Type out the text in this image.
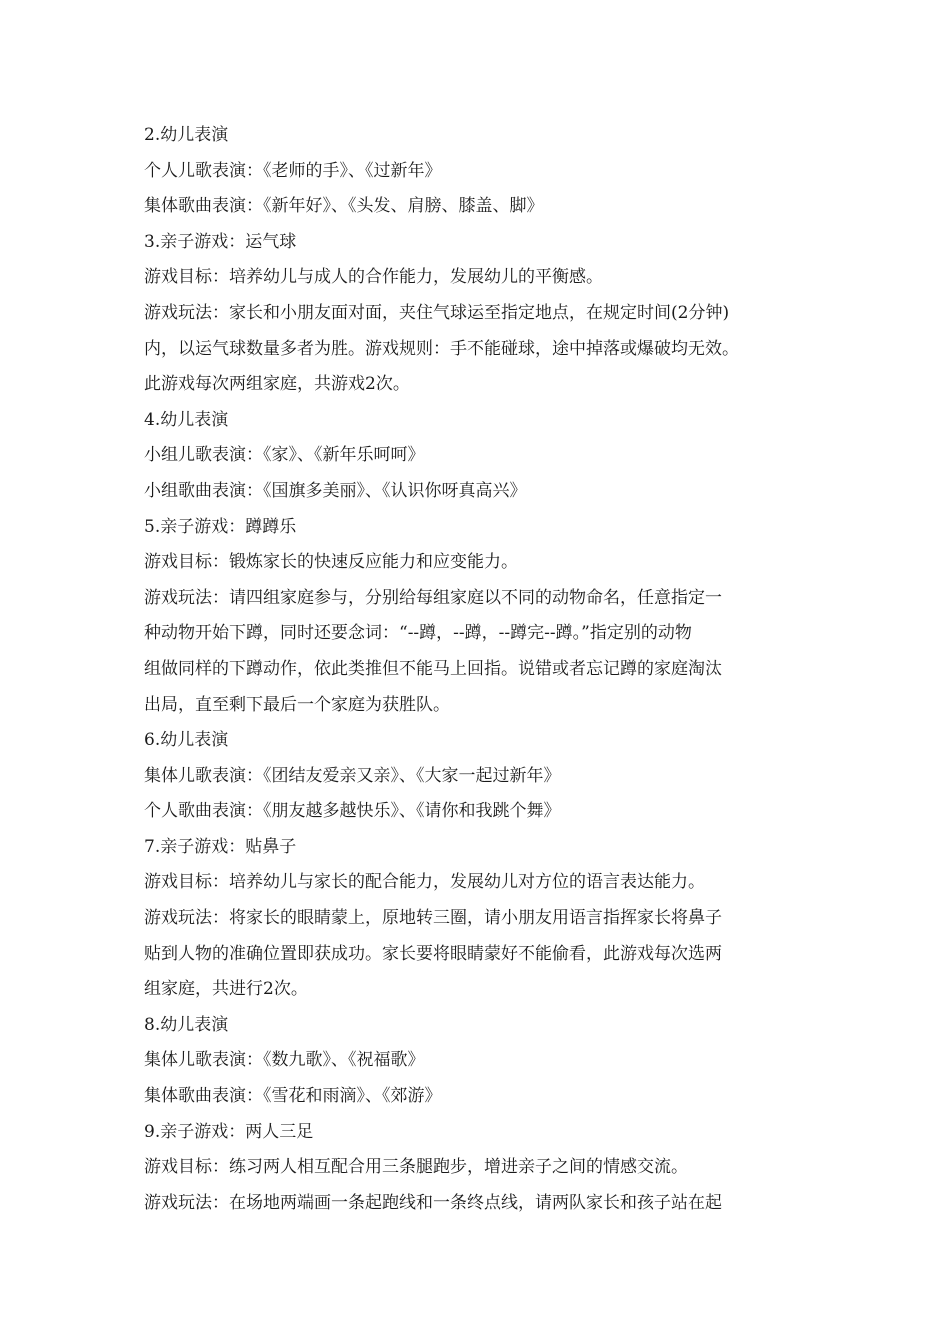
2.幼儿表演
个人儿歌表演：《老师的手》、《过新年》
集体歌曲表演：《新年好》、《头发、肩膀、膝盖、脚》
3.亲子游戏：运气球
游戏目标：培养幼儿与成人的合作能力，发展幼儿的平衡感。
游戏玩法：家长和小朋友面对面，夹住气球运至指定地点，在规定时间(2分钟)
内，以运气球数量多者为胜。游戏规则：手不能碰球，途中掉落或爆破均无效。
此游戏每次两组家庭，共游戏2次。
4.幼儿表演
小组儿歌表演：《家》、《新年乐呵呵》
小组歌曲表演：《国旗多美丽》、《认识你呀真高兴》
5.亲子游戏：蹲蹲乐
游戏目标：锻炼家长的快速反应能力和应变能力。
游戏玩法：请四组家庭参与，分别给每组家庭以不同的动物命名，任意指定一
种动物开始下蹲，同时还要念词：“--蹲，--蹲，--蹲完--蹲。”指定别的动物
组做同样的下蹲动作，依此类推但不能马上回指。说错或者忘记蹲的家庭淘汰
出局，直至剩下最后一个家庭为获胜队。
6.幼儿表演
集体儿歌表演：《团结友爱亲又亲》、《大家一起过新年》
个人歌曲表演：《朋友越多越快乐》、《请你和我跳个舞》
7.亲子游戏：贴鼻子
游戏目标：培养幼儿与家长的配合能力，发展幼儿对方位的语言表达能力。
游戏玩法：将家长的眼睛蒙上，原地转三圈，请小朋友用语言指挥家长将鼻子
贴到人物的准确位置即获成功。家长要将眼睛蒙好不能偷看，此游戏每次选两
组家庭，共进行2次。
8.幼儿表演
集体儿歌表演：《数九歌》、《祝福歌》
集体歌曲表演：《雪花和雨滴》、《郊游》
9.亲子游戏：两人三足
游戏目标：练习两人相互配合用三条腿跑步，增进亲子之间的情感交流。
游戏玩法：在场地两端画一条起跑线和一条终点线，请两队家长和孩子站在起
